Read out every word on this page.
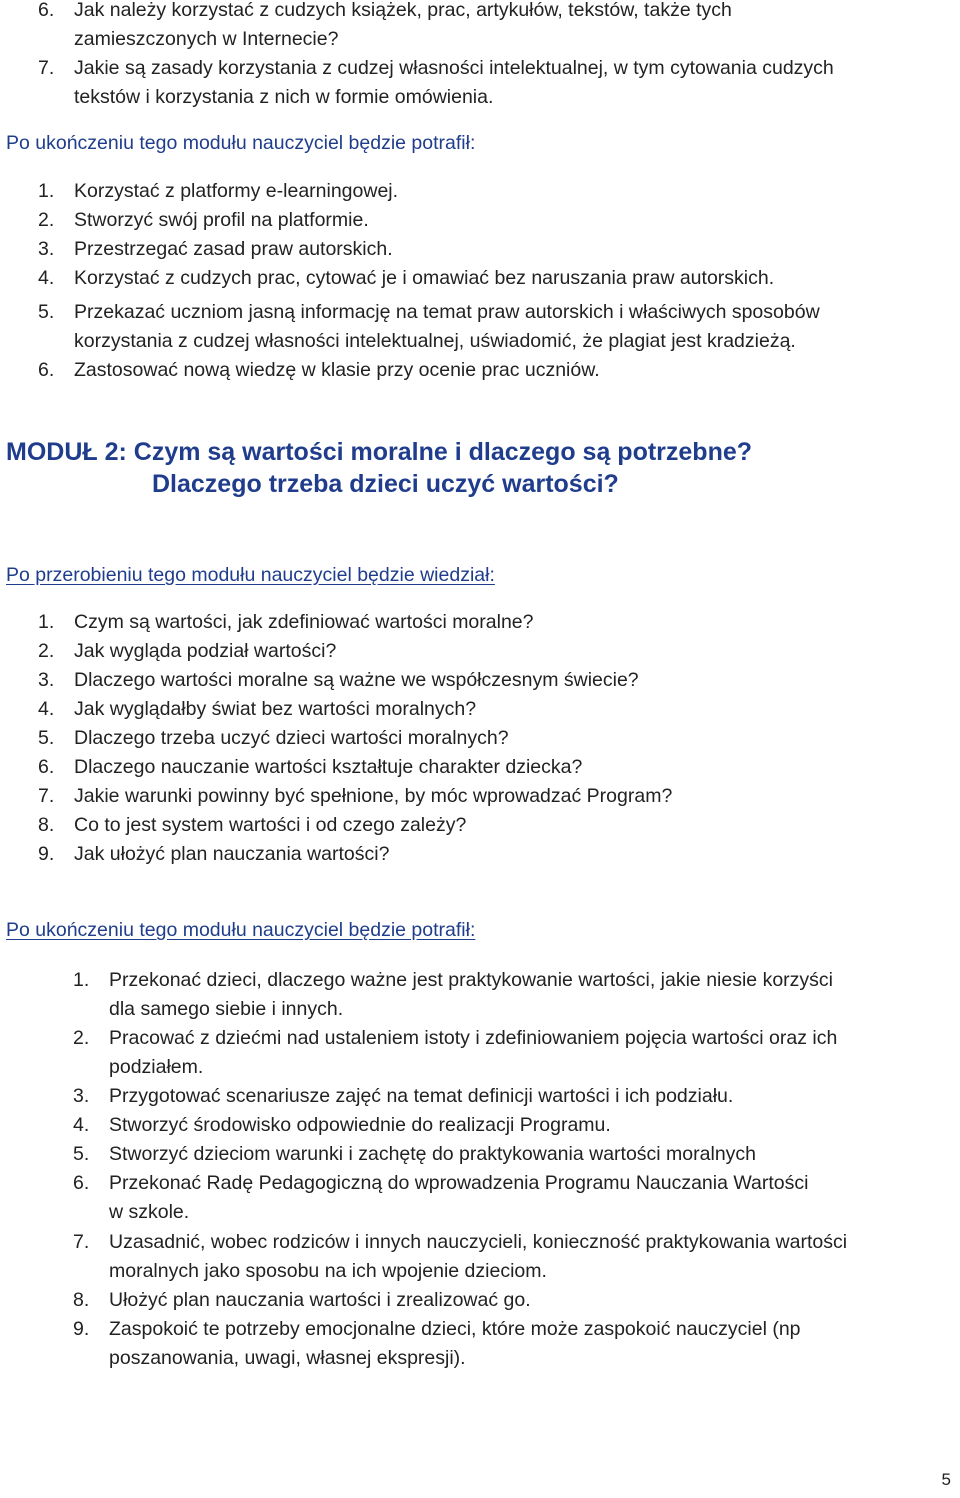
6. Jak należy korzystać z cudzych książek, prac, artykułów, tekstów, także tych
zamieszczonych w Internecie?
7. Jakie są zasady korzystania z cudzej własności intelektualnej, w tym cytowania cudzych
tekstów i korzystania z nich w formie omówienia.
Po ukończeniu tego modułu nauczyciel będzie potrafił:
1. Korzystać z platformy e-learningowej.
2. Stworzyć swój profil na platformie.
3. Przestrzegać zasad praw autorskich.
4. Korzystać z cudzych prac, cytować je i omawiać bez naruszania praw autorskich.
5. Przekazać uczniom jasną informację na temat praw autorskich i właściwych sposobów
korzystania z cudzej własności intelektualnej, uświadomić, że plagiat jest kradzieżą.
6. Zastosować nową wiedzę w klasie przy ocenie prac uczniów.
MODUŁ 2: Czym są wartości moralne i dlaczego są potrzebne?
Dlaczego trzeba dzieci uczyć wartości?
Po przerobieniu tego modułu nauczyciel będzie wiedział:
1. Czym są wartości, jak zdefiniować wartości moralne?
2. Jak wygląda podział wartości?
3. Dlaczego wartości moralne są ważne we współczesnym świecie?
4. Jak wyglądałby świat bez wartości moralnych?
5. Dlaczego trzeba uczyć dzieci wartości moralnych?
6. Dlaczego nauczanie wartości kształtuje charakter dziecka?
7. Jakie warunki powinny być spełnione, by móc wprowadzać Program?
8. Co to jest system wartości i od czego zależy?
9. Jak ułożyć plan nauczania wartości?
Po ukończeniu tego modułu nauczyciel będzie potrafił:
1. Przekonać dzieci, dlaczego ważne jest praktykowanie wartości, jakie niesie korzyści
dla samego siebie i innych.
2. Pracować z dziećmi nad ustaleniem istoty i zdefiniowaniem pojęcia wartości oraz ich
podziałem.
3. Przygotować scenariusze zajęć na temat definicji wartości i ich podziału.
4. Stworzyć środowisko odpowiednie do realizacji Programu.
5. Stworzyć dzieciom warunki i zachętę do praktykowania wartości moralnych
6. Przekonać Radę Pedagogiczną do wprowadzenia Programu Nauczania Wartości
w szkole.
7. Uzasadnić, wobec rodziców i innych nauczycieli, konieczność praktykowania wartości
moralnych jako sposobu na ich wpojenie dzieciom.
8. Ułożyć plan nauczania wartości i zrealizować go.
9. Zaspokoić te potrzeby emocjonalne dzieci, które może zaspokoić nauczyciel (np
poszanowania, uwagi, własnej ekspresji).
5
